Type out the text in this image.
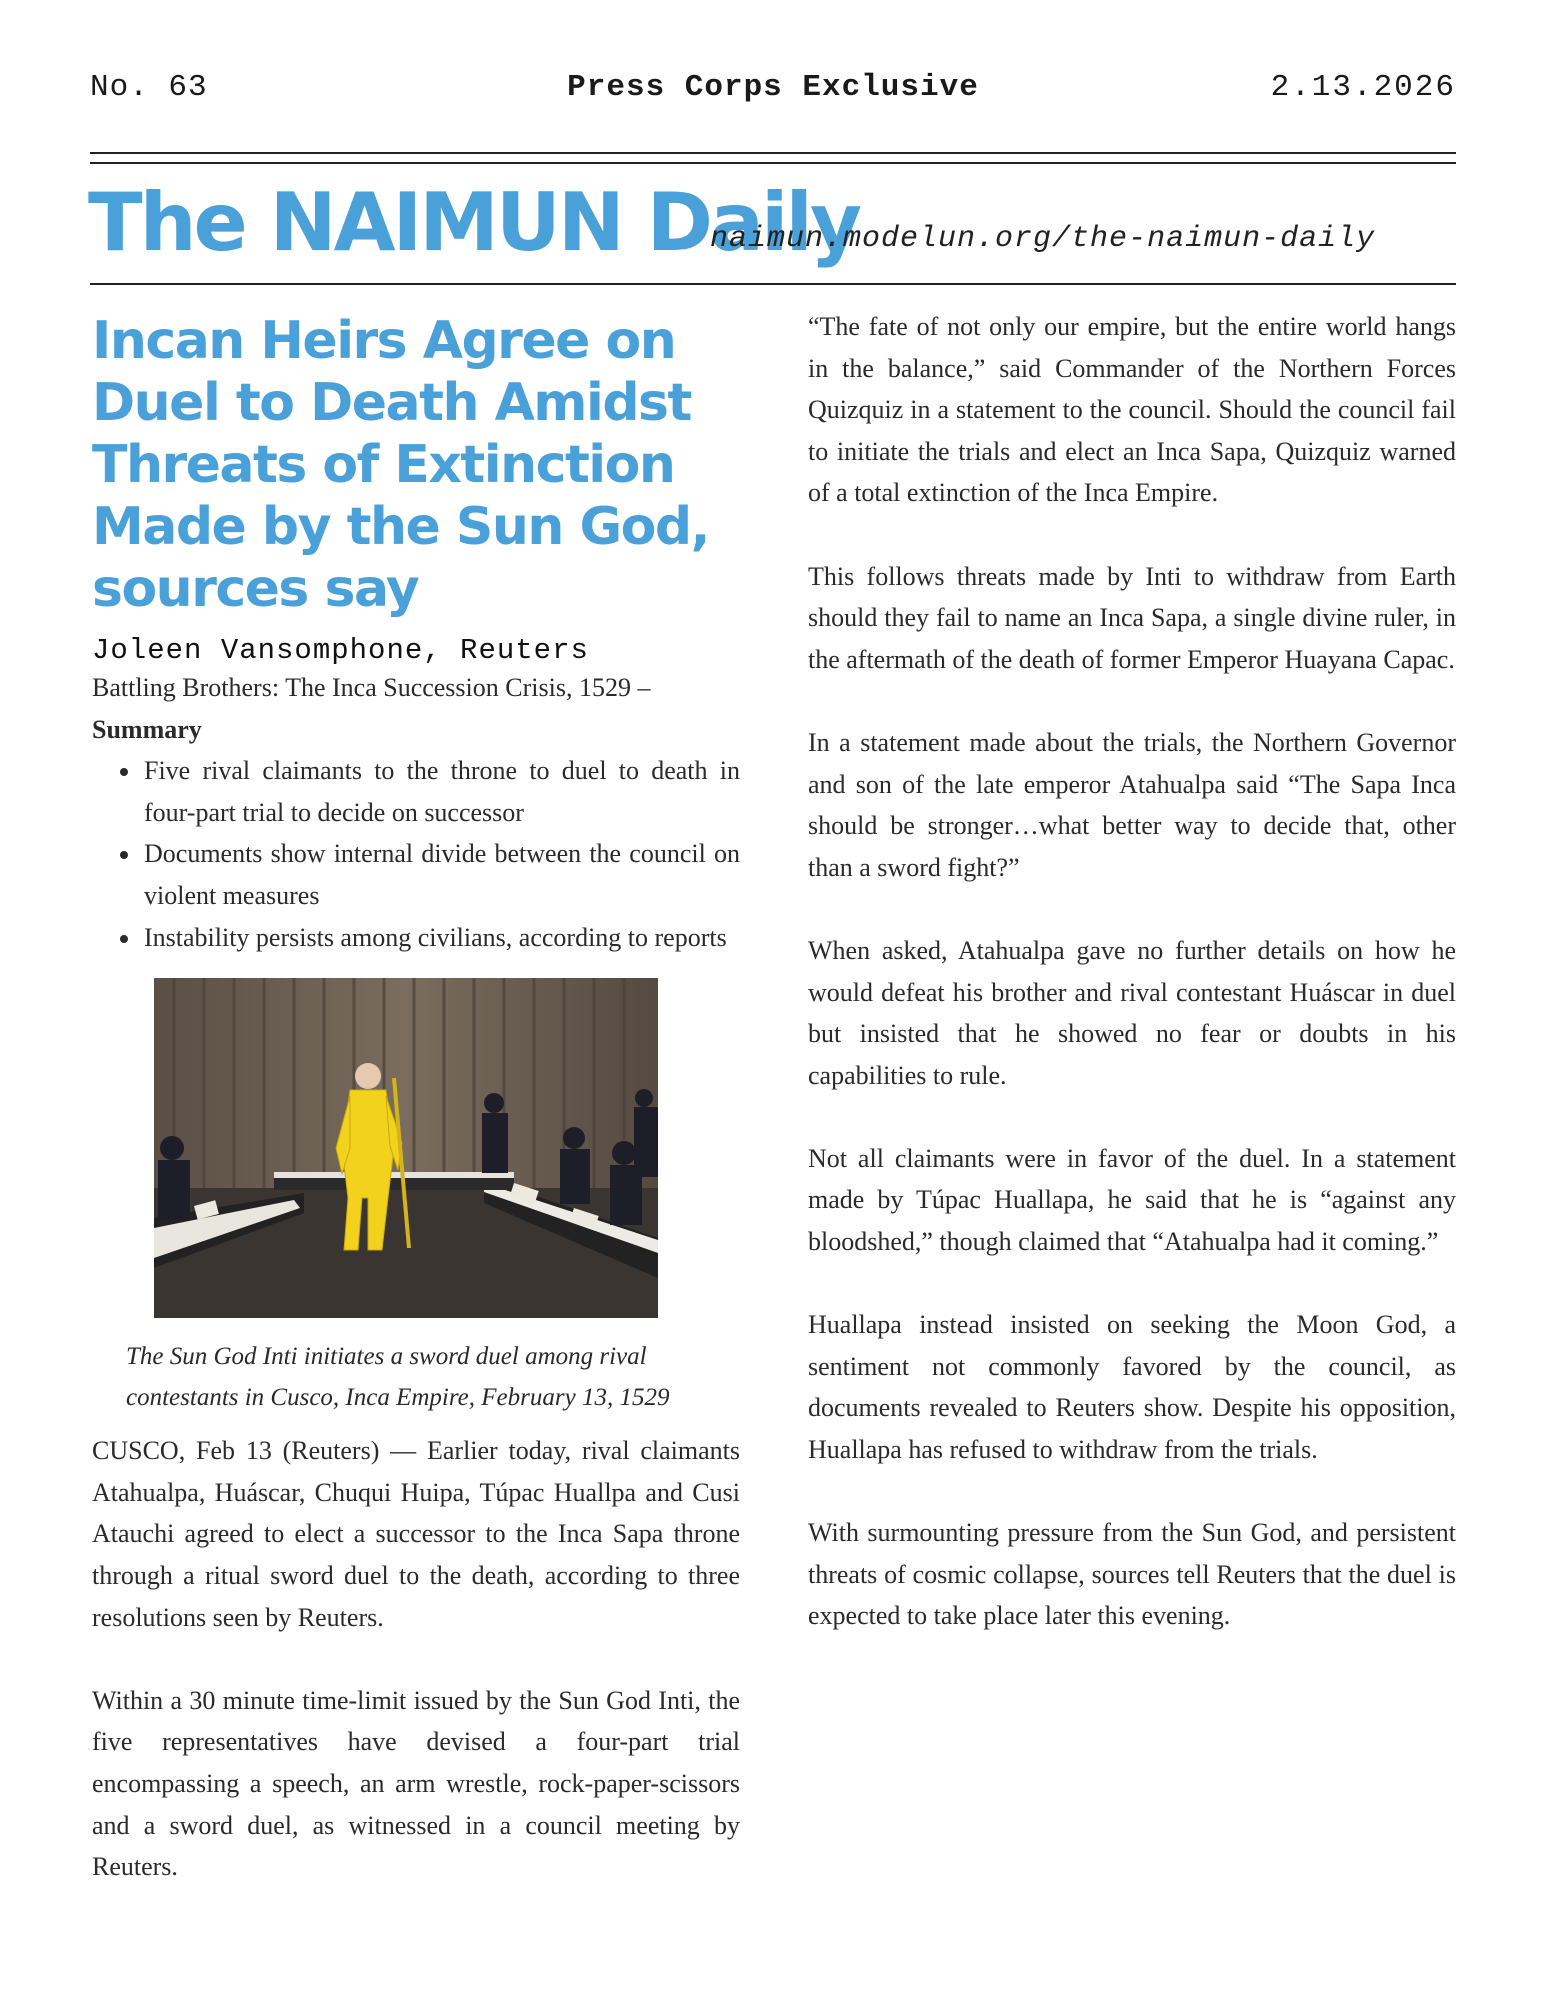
No. 63	Press Corps Exclusive	2.13.2026
The NAIMUN Daily
naimun.modelun.org/the-naimun-daily
Incan Heirs Agree on Duel to Death Amidst Threats of Extinction Made by the Sun God, sources say
Joleen Vansomphone, Reuters

Battling Brothers: The Inca Succession Crisis, 1529 –
Summary

• Five rival claimants to the throne to duel to death in four-part trial to decide on successor
• Documents show internal divide between the council on violent measures
• Instability persists among civilians, according to reports

The Sun God Inti initiates a sword duel among rival contestants in Cusco, Inca Empire, February 13, 1529

CUSCO, Feb 13 (Reuters) — Earlier today, rival claimants Atahualpa, Huáscar, Chuqui Huipa, Túpac Huallpa and Cusi Atauchi agreed to elect a successor to the Inca Sapa throne through a ritual sword duel to the death, according to three resolutions seen by Reuters.

Within a 30 minute time-limit issued by the Sun God Inti, the five representatives have devised a four-part trial encompassing a speech, an arm wrestle, rock-paper-scissors and a sword duel, as witnessed in a council meeting by Reuters.

“The fate of not only our empire, but the entire world hangs in the balance,” said Commander of the Northern Forces Quizquiz in a statement to the council. Should the council fail to initiate the trials and elect an Inca Sapa, Quizquiz warned of a total extinction of the Inca Empire.

This follows threats made by Inti to withdraw from Earth should they fail to name an Inca Sapa, a single divine ruler, in the aftermath of the death of former Emperor Huayana Capac.

In a statement made about the trials, the Northern Governor and son of the late emperor Atahualpa said “The Sapa Inca should be stronger…what better way to decide that, other than a sword fight?”

When asked, Atahualpa gave no further details on how he would defeat his brother and rival contestant Huáscar in duel but insisted that he showed no fear or doubts in his capabilities to rule.

Not all claimants were in favor of the duel. In a statement made by Túpac Huallapa, he said that he is “against any bloodshed,” though claimed that “Atahualpa had it coming.”

Huallapa instead insisted on seeking the Moon God, a sentiment not commonly favored by the council, as documents revealed to Reuters show. Despite his opposition, Huallapa has refused to withdraw from the trials.

With surmounting pressure from the Sun God, and persistent threats of cosmic collapse, sources tell Reuters that the duel is expected to take place later this evening.
